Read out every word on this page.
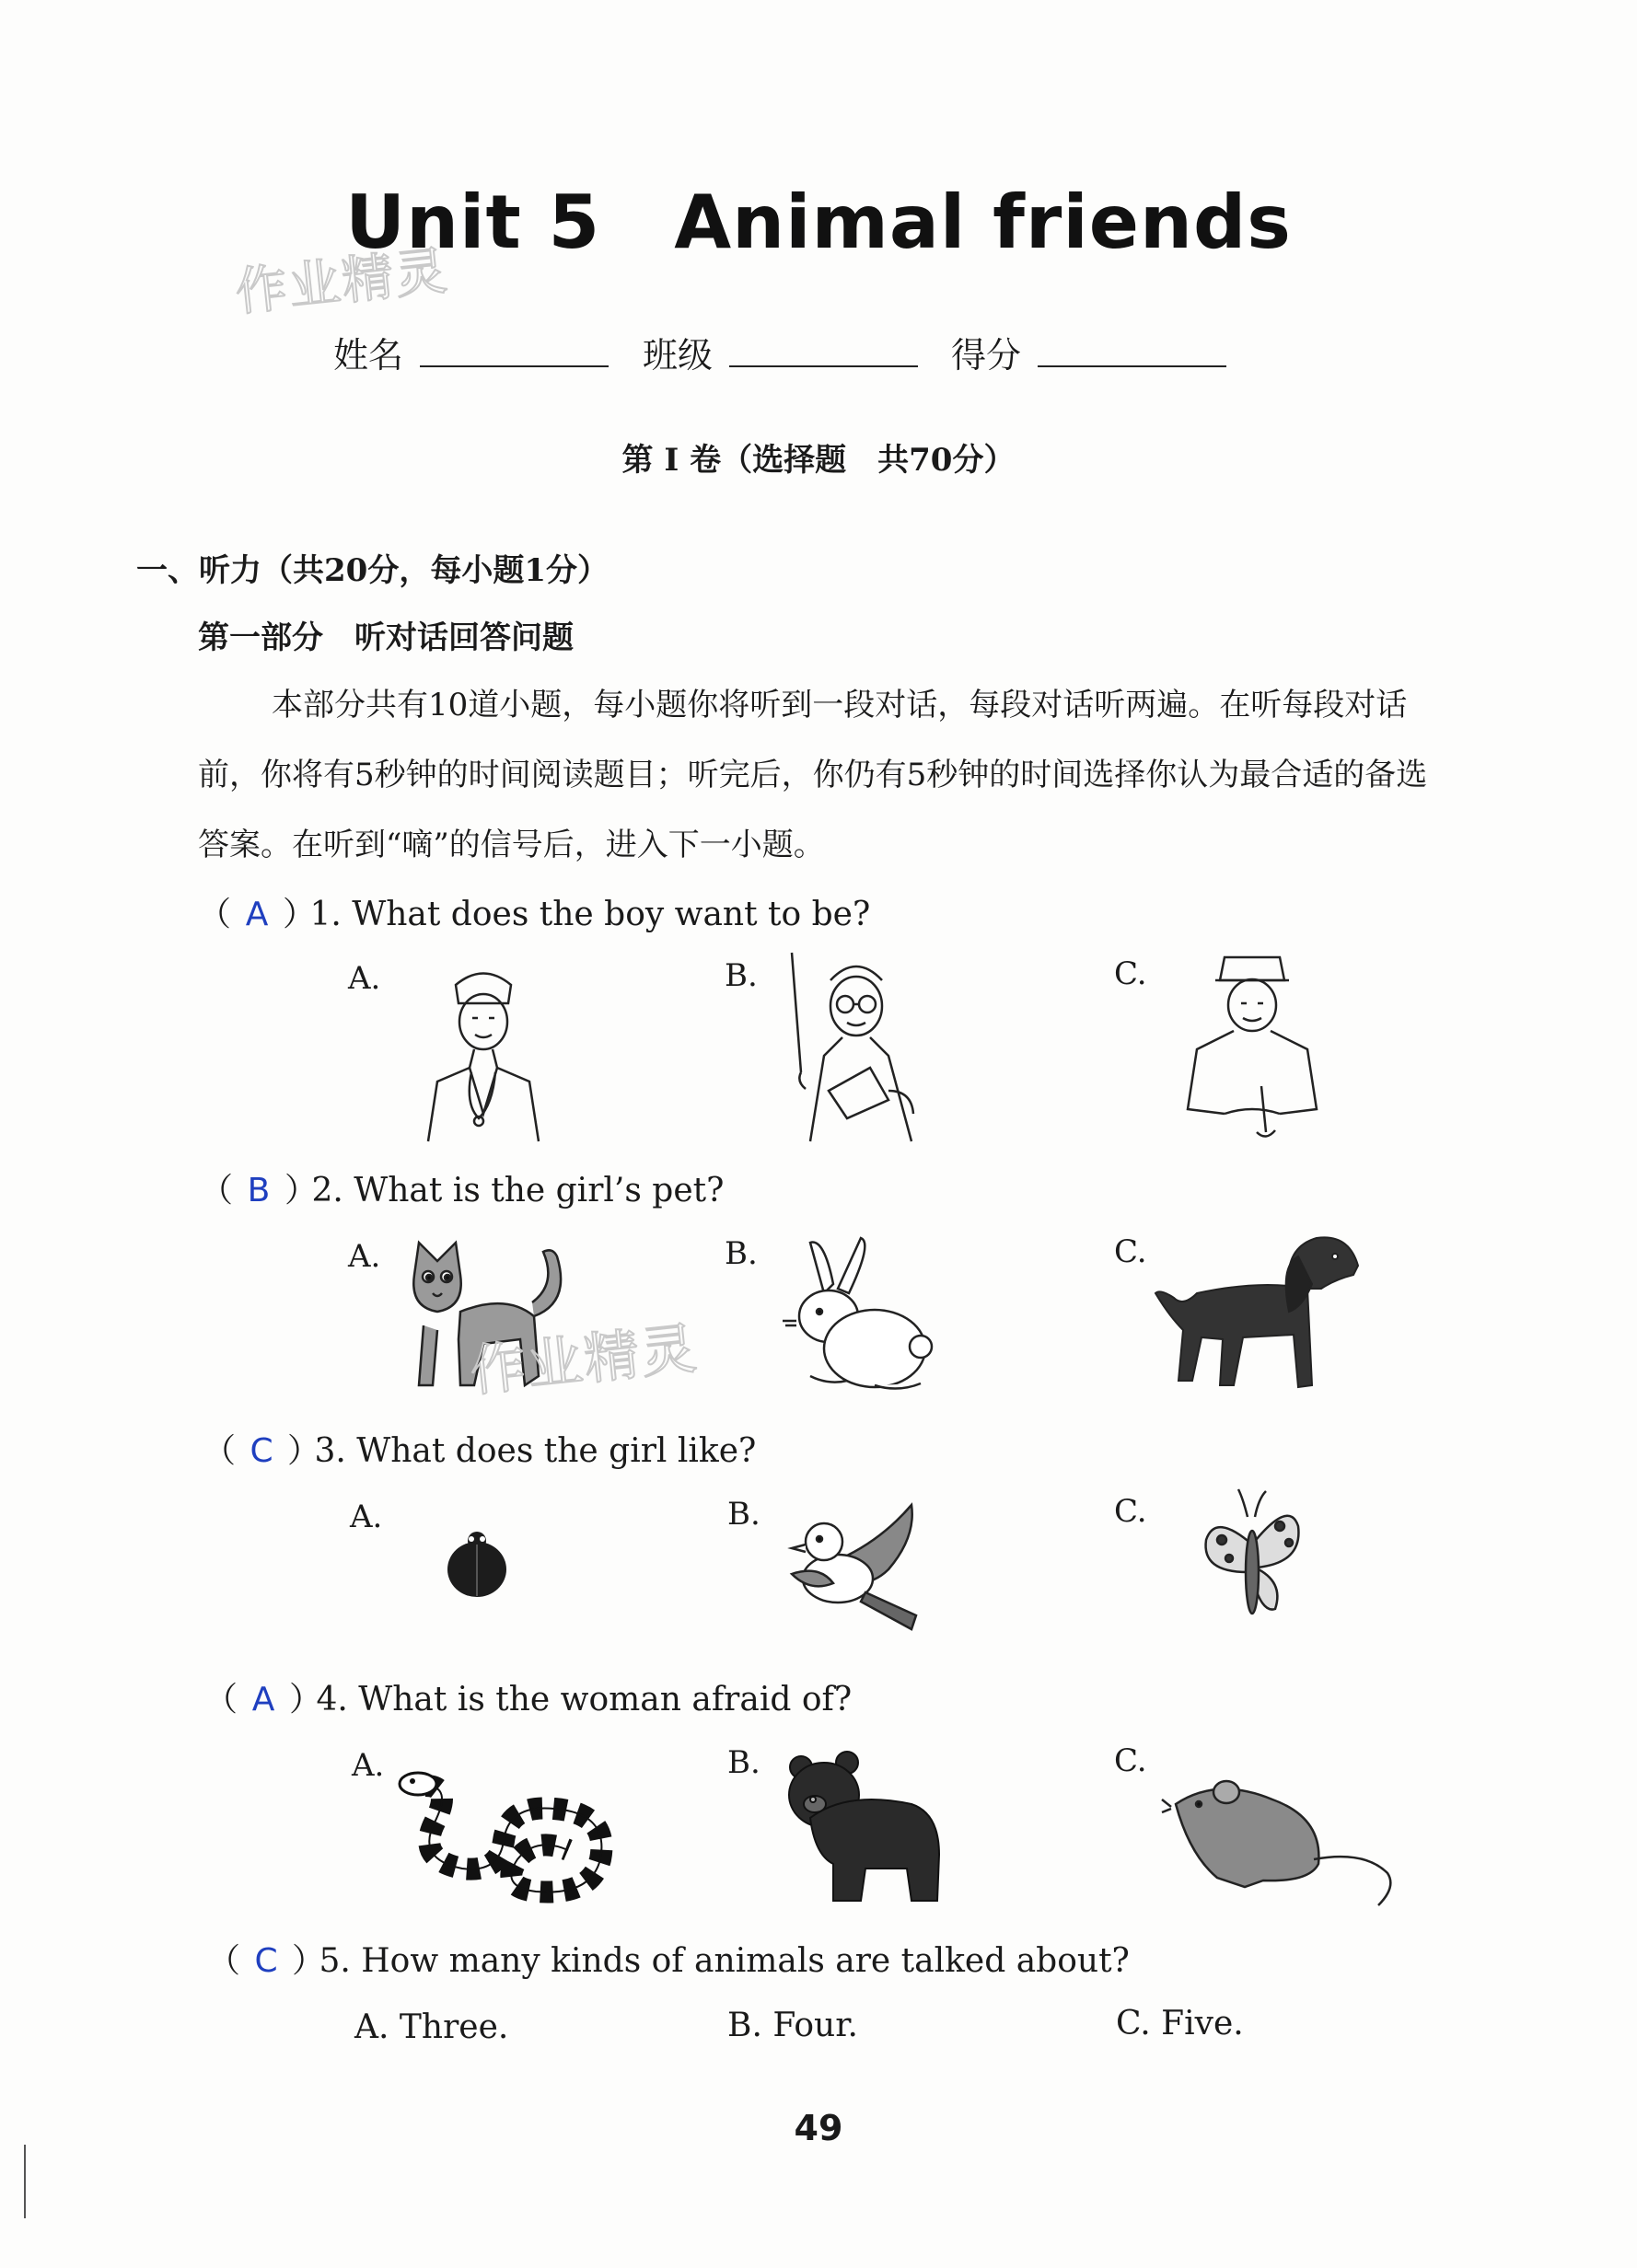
Unit 5 Animal friends
作业精灵
姓名	班级	得分
第 I 卷（选择题　共70分）
一、听力（共20分，每小题1分）
第一部分　听对话回答问题
本部分共有10道小题，每小题你将听到一段对话，每段对话听两遍。在听每段对话前，你将有5秒钟的时间阅读题目；听完后，你仍有5秒钟的时间选择你认为最合适的备选答案。在听到“嘀”的信号后，进入下一小题。
（ A ） 1. What does the boy want to be?
A.	B.	C.
（ B ） 2. What is the girl’s pet?
A.	B.	C.
作业精灵
（ C ） 3. What does the girl like?
A.	B.	C.
（ A ） 4. What is the woman afraid of?
A.	B.	C.
（ C ） 5. How many kinds of animals are talked about?
A. Three.	B. Four.	C. Five.
49
